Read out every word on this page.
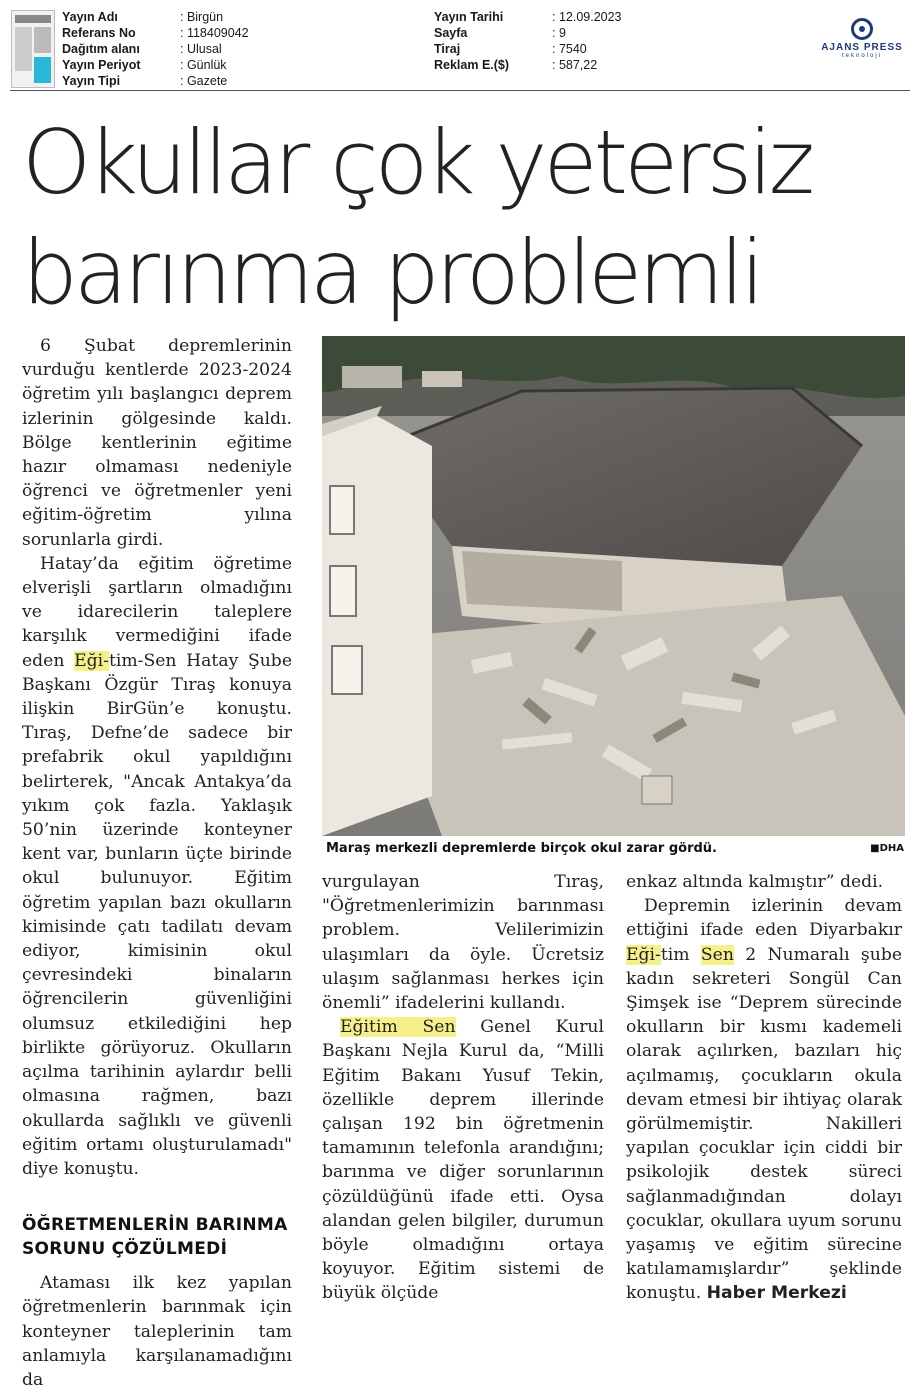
Yayın Adı	: Birgün
Referans No	: 118409042
Dağıtım alanı	: Ulusal
Yayın Periyot	: Günlük
Yayın Tipi	: Gazete
Yayın Tarihi	: 12.09.2023
Sayfa	: 9
Tiraj	: 7540
Reklam E.($)	: 587,22
AJANS PRESS
teknoloji
Okullar çok yetersiz
barınma problemli

6 Şubat depremlerinin vurduğu kentlerde 2023-2024 öğretim yılı başlangıcı deprem izlerinin gölgesinde kaldı. Bölge kentlerinin eğitime hazır olmaması nedeniyle öğrenci ve öğretmenler yeni eğitim-öğretim yılına sorunlarla girdi.

Hatay’da eğitim öğretime elverişli şartların olmadığını ve idarecilerin taleplere karşılık vermediğini ifade eden Eği-tim-Sen Hatay Şube Başkanı Özgür Tıraş konuya ilişkin BirGün’e konuştu. Tıraş, Defne’de sadece bir prefabrik okul yapıldığını belirterek, "Ancak Antakya’da yıkım çok fazla. Yaklaşık 50’nin üzerinde konteyner kent var, bunların üçte birinde okul bulunuyor. Eğitim öğretim yapılan bazı okulların kimisinde çatı tadilatı devam ediyor, kimisinin okul çevresindeki binaların öğrencilerin güvenliğini olumsuz etkilediğini hep birlikte görüyoruz. Okulların açılma tarihinin aylardır belli olmasına rağmen, bazı okullarda sağlıklı ve güvenli eğitim ortamı oluşturulamadı" diye konuştu.

ÖĞRETMENLERİN BARINMA SORUNU ÇÖZÜLMEDİ

Ataması ilk kez yapılan öğretmenlerin barınmak için konteyner taleplerinin tam anlamıyla karşılanamadığını da

Maraş merkezli depremlerde birçok okul zarar gördü.	■DHA

vurgulayan Tıraş, "Öğretmenlerimizin barınması problem. Velilerimizin ulaşımları da öyle. Ücretsiz ulaşım sağlanması herkes için önemli” ifadelerini kullandı.

Eğitim Sen Genel Kurul Başkanı Nejla Kurul da, “Milli Eğitim Bakanı Yusuf Tekin, özellikle deprem illerinde çalışan 192 bin öğretmenin tamamının telefonla arandığını; barınma ve diğer sorunlarının çözüldüğünü ifade etti. Oysa alandan gelen bilgiler, durumun böyle olmadığını ortaya koyuyor. Eğitim sistemi de büyük ölçüde

enkaz altında kalmıştır” dedi.

Depremin izlerinin devam ettiğini ifade eden Diyarbakır Eği-tim Sen 2 Numaralı şube kadın sekreteri Songül Can Şimşek ise “Deprem sürecinde okulların bir kısmı kademeli olarak açılırken, bazıları hiç açılmamış, çocukların okula devam etmesi bir ihtiyaç olarak görülmemiştir. Nakilleri yapılan çocuklar için ciddi bir psikolojik destek süreci sağlanmadığından dolayı çocuklar, okullara uyum sorunu yaşamış ve eğitim sürecine katılamamışlardır” şeklinde konuştu. Haber Merkezi
